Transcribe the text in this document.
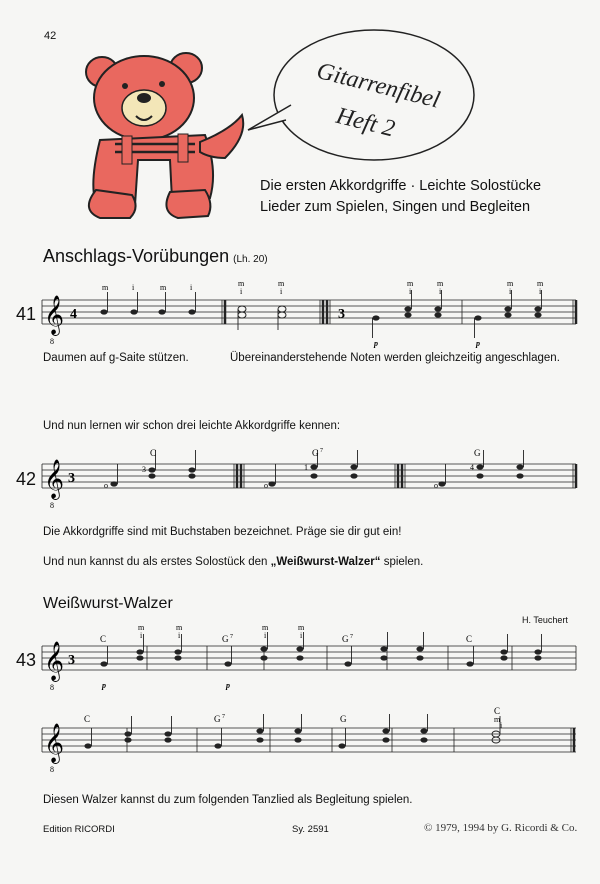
42
Gitarrenfibel
Heft 2
Die ersten Akkordgriffe · Leichte Solostücke
Lieder zum Spielen, Singen und Begleiten
Anschlags-Vorübungen (Lh. 20)
41 𝄞
8
4	3
m	i	m	i	m
i
m
i
m
i
m
i
m
i
m
i
p	p
Daumen auf g-Saite stützen.	Übereinanderstehende Noten werden gleichzeitig angeschlagen.
Und nun lernen wir schon drei leichte Akkordgriffe kennen:
42 𝄞
8
3
C	G 7	G
o	o	o
3	1	4
Die Akkordgriffe sind mit Buchstaben bezeichnet. Präge sie dir gut ein!
Und nun kannst du als erstes Solostück den „Weißwurst-Walzer“ spielen.
Weißwurst-Walzer
H. Teuchert
43 𝄞
8
3
C
m
i
m
i	G 7
m
i
m
i	G 7	C
p	p
𝄞
8
C	G 7	G
C
m
i
Diesen Walzer kannst du zum folgenden Tanzlied als Begleitung spielen.
Edition RICORDI	Sy. 2591	© 1979, 1994 by G. Ricordi & Co.
